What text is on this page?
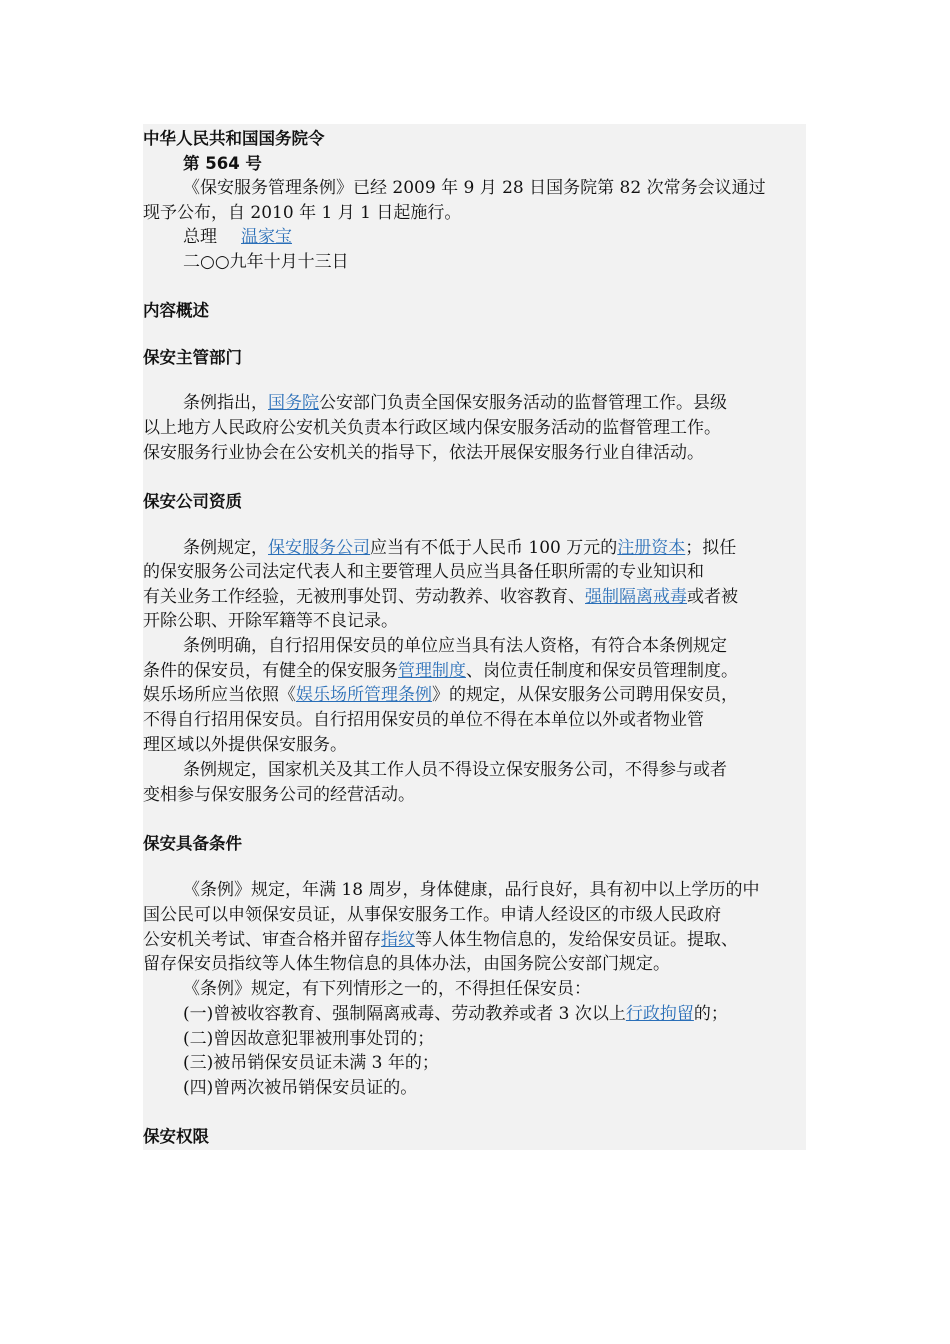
中华人民共和国国务院令
第 564 号
《保安服务管理条例》已经 2009 年 9 月 28 日国务院第 82 次常务会议通过
现予公布，自 2010 年 1 月 1 日起施行。
总理 温家宝
二○○九年十月十三日
内容概述
保安主管部门
条例指出，国务院公安部门负责全国保安服务活动的监督管理工作。县级
以上地方人民政府公安机关负责本行政区域内保安服务活动的监督管理工作。
保安服务行业协会在公安机关的指导下，依法开展保安服务行业自律活动。
保安公司资质
条例规定，保安服务公司应当有不低于人民币 100 万元的注册资本；拟任
的保安服务公司法定代表人和主要管理人员应当具备任职所需的专业知识和
有关业务工作经验，无被刑事处罚、劳动教养、收容教育、强制隔离戒毒或者被
开除公职、开除军籍等不良记录。
条例明确，自行招用保安员的单位应当具有法人资格，有符合本条例规定
条件的保安员，有健全的保安服务管理制度、岗位责任制度和保安员管理制度。
娱乐场所应当依照《娱乐场所管理条例》的规定，从保安服务公司聘用保安员，
不得自行招用保安员。自行招用保安员的单位不得在本单位以外或者物业管
理区域以外提供保安服务。
条例规定，国家机关及其工作人员不得设立保安服务公司，不得参与或者
变相参与保安服务公司的经营活动。
保安具备条件
《条例》规定，年满 18 周岁，身体健康，品行良好，具有初中以上学历的中
国公民可以申领保安员证，从事保安服务工作。申请人经设区的市级人民政府
公安机关考试、审查合格并留存指纹等人体生物信息的，发给保安员证。提取、
留存保安员指纹等人体生物信息的具体办法，由国务院公安部门规定。
《条例》规定，有下列情形之一的，不得担任保安员：
(一)曾被收容教育、强制隔离戒毒、劳动教养或者 3 次以上行政拘留的；
(二)曾因故意犯罪被刑事处罚的；
(三)被吊销保安员证未满 3 年的；
(四)曾两次被吊销保安员证的。
保安权限
